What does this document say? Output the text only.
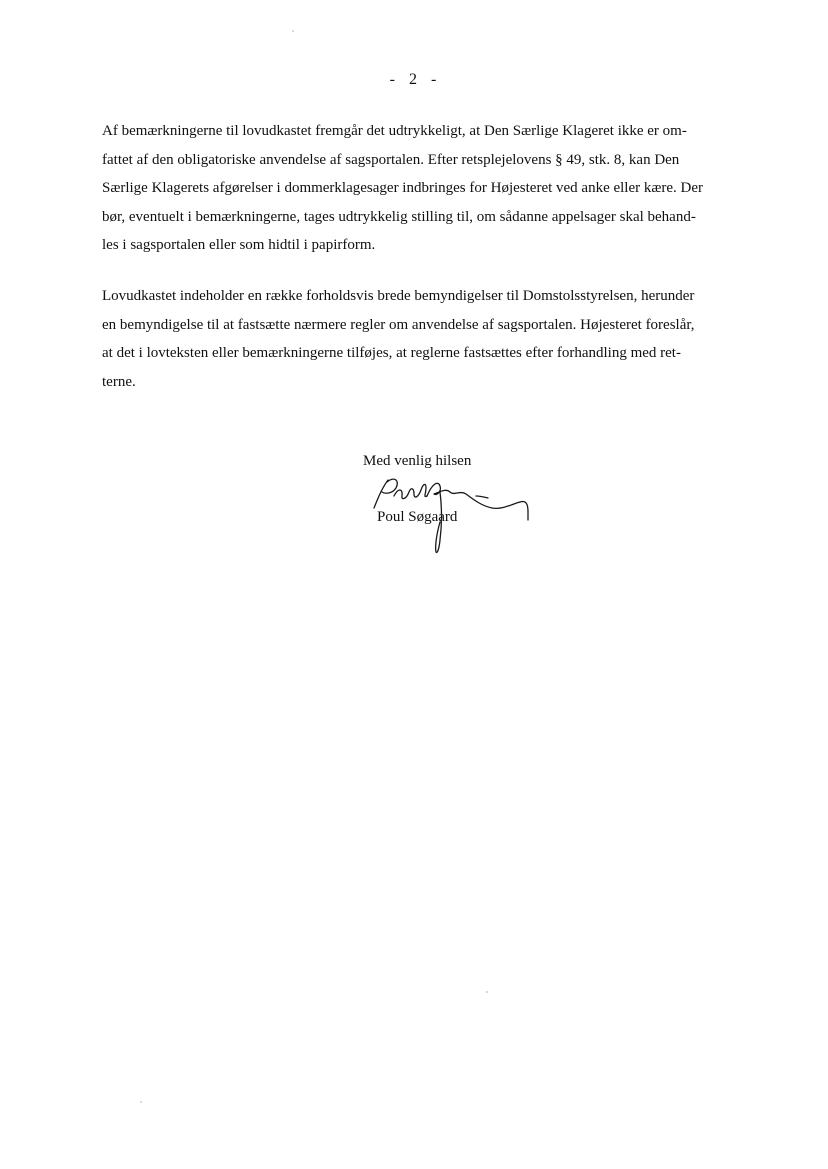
- 2 -
Af bemærkningerne til lovudkastet fremgår det udtrykkeligt, at Den Særlige Klageret ikke er om-
fattet af den obligatoriske anvendelse af sagsportalen. Efter retsplejelovens § 49, stk. 8, kan Den
Særlige Klagerets afgørelser i dommerklagesager indbringes for Højesteret ved anke eller kære. Der
bør, eventuelt i bemærkningerne, tages udtrykkelig stilling til, om sådanne appelsager skal behand-
les i sagsportalen eller som hidtil i papirform.
Lovudkastet indeholder en række forholdsvis brede bemyndigelser til Domstolsstyrelsen, herunder
en bemyndigelse til at fastsætte nærmere regler om anvendelse af sagsportalen. Højesteret foreslår,
at det i lovteksten eller bemærkningerne tilføjes, at reglerne fastsættes efter forhandling med ret-
terne.
Med venlig hilsen
Poul Søgaard
